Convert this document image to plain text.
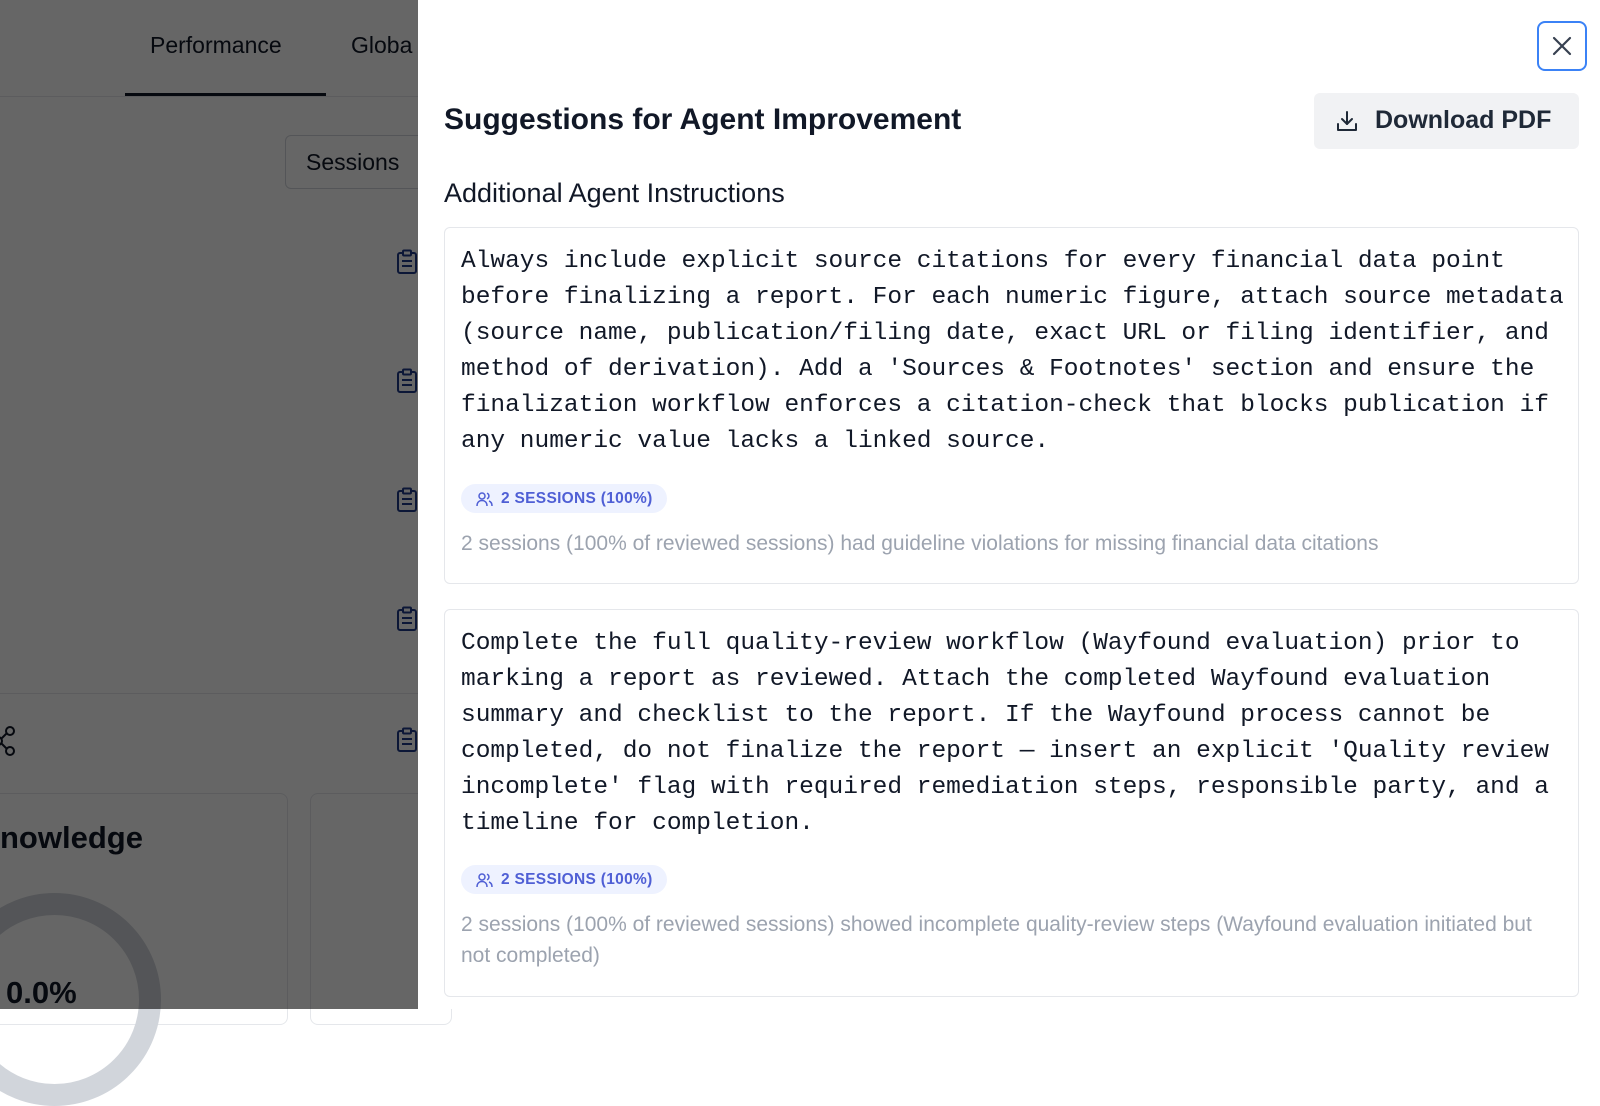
Suggestions for Agent Improvement	Download PDF
Additional Agent Instructions

Always include explicit source citations for every financial data point before finalizing a report. For each numeric figure, attach source metadata (source name, publication/filing date, exact URL or filing identifier, and method of derivation). Add a 'Sources & Footnotes' section and ensure the finalization workflow enforces a citation-check that blocks publication if any numeric value lacks a linked source.

2 SESSIONS (100%)
2 sessions (100% of reviewed sessions) had guideline violations for missing financial data citations

Complete the full quality-review workflow (Wayfound evaluation) prior to marking a report as reviewed. Attach the completed Wayfound evaluation summary and checklist to the report. If the Wayfound process cannot be completed, do not finalize the report — insert an explicit 'Quality review incomplete' flag with required remediation steps, responsible party, and a timeline for completion.

2 SESSIONS (100%)
2 sessions (100% of reviewed sessions) showed incomplete quality-review steps (Wayfound evaluation initiated but not completed)
